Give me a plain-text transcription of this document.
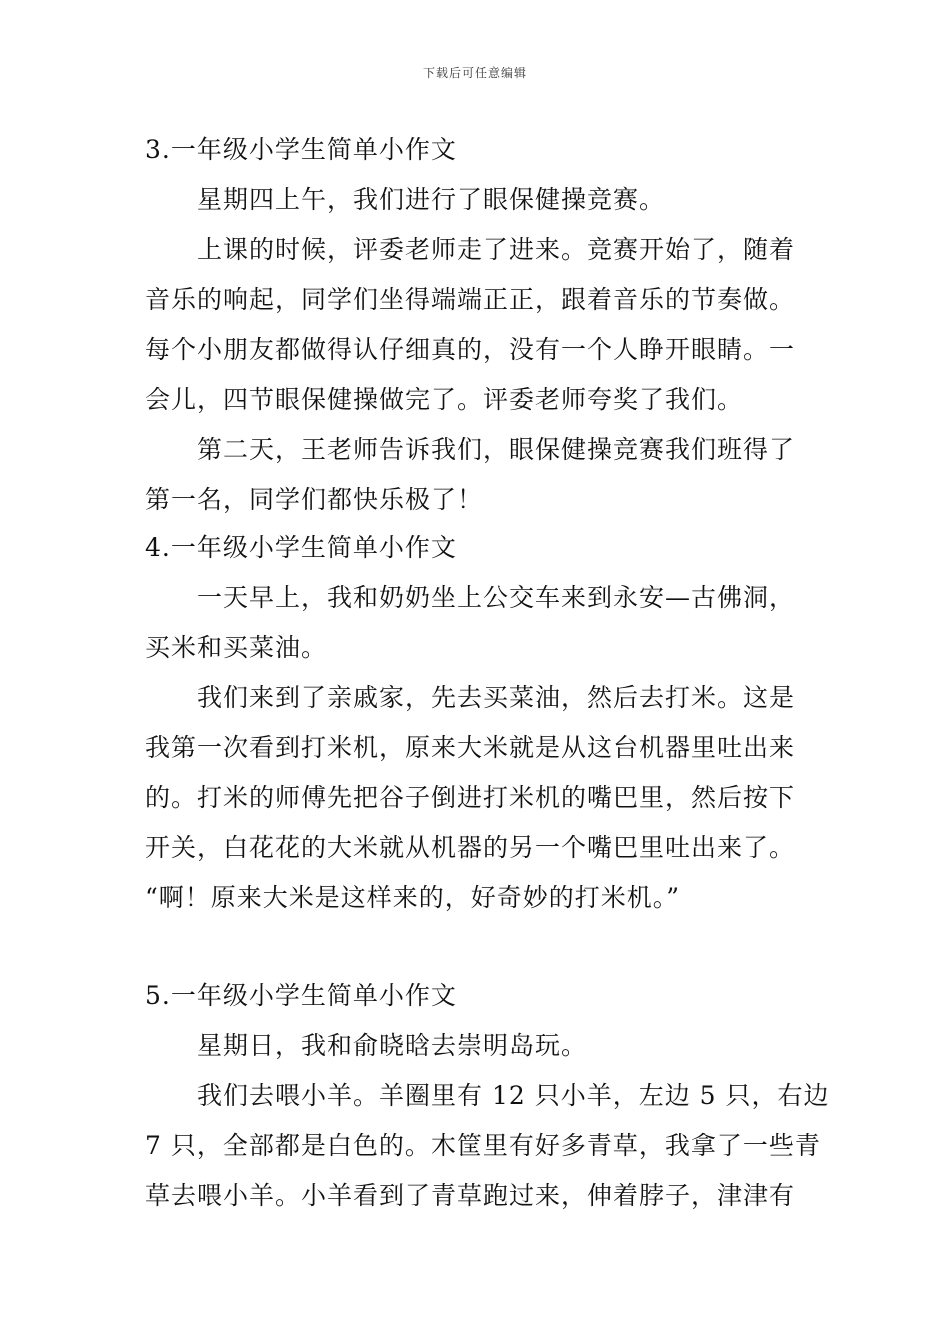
下载后可任意编辑
3.一年级小学生简单小作文
星期四上午，我们进行了眼保健操竞赛。
上课的时候，评委老师走了进来。竞赛开始了，随着
音乐的响起，同学们坐得端端正正，跟着音乐的节奏做。
每个小朋友都做得认仔细真的，没有一个人睁开眼睛。一
会儿，四节眼保健操做完了。评委老师夸奖了我们。
第二天，王老师告诉我们，眼保健操竞赛我们班得了
第一名，同学们都快乐极了！
4.一年级小学生简单小作文
一天早上，我和奶奶坐上公交车来到永安—古佛洞，
买米和买菜油。
我们来到了亲戚家，先去买菜油，然后去打米。这是
我第一次看到打米机，原来大米就是从这台机器里吐出来
的。打米的师傅先把谷子倒进打米机的嘴巴里，然后按下
开关，白花花的大米就从机器的另一个嘴巴里吐出来了。
“啊！原来大米是这样来的，好奇妙的打米机。”
5.一年级小学生简单小作文
星期日，我和俞晓晗去崇明岛玩。
我们去喂小羊。羊圈里有 12 只小羊，左边 5 只，右边
7 只，全部都是白色的。木筐里有好多青草，我拿了一些青
草去喂小羊。小羊看到了青草跑过来，伸着脖子，津津有
